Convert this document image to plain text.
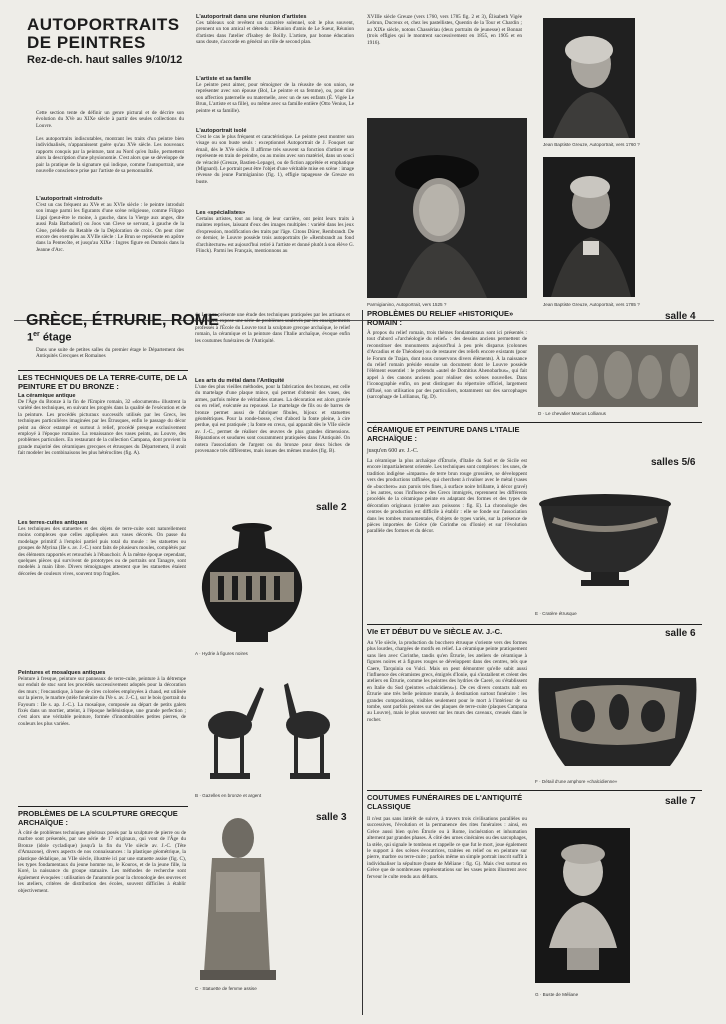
AUTOPORTRAITS
DE PEINTRES
Rez-de-ch. haut salles 9/10/12
Cette section tente de définir un genre pictural et de décrire son évolution du XVe au XIXe siècle à partir des seules collections du Louvre.
Les autoportraits indiscutables, montrant les traits d'un peintre bien individualisés, n'apparaissent guère qu'au XVe siècle. Les nouveaux rapports conquis par la peinture, tant au Nord qu'en Italie, permettent alors la description d'une physionomie. C'est alors que se développe de pair la pratique de la signature qui indique, comme l'autoportrait, une nouvelle conscience prise par l'artiste de sa personnalité.
L'autoportrait «introduit»
C'est un cas fréquent au XVe et au XVIe siècle : le peintre introduit son image parmi les figurants d'une scène religieuse, comme Filippo Lippi (peut-être le moine, à gauche, dans la Vierge aux anges, dite aussi Pala Barbadori) ou Joos van Cleve se servant, à gauche de la Cène, prédelle du Retable de la Déploration de croix. On peut citer encore des exemples au XVIIe siècle : Le Brun se représente en apôtre dans la Pentecôte, et jusqu'au XIXe : Ingres figure en Dumois dans la Jeanne d'Arc.
L'autoportrait dans une réunion d'artistes
Ces tableaux soit revêtent un caractère solennel, soit le plus souvent, prennent un ton amical et détendu : Réunion d'amis de Le Sueur, Réunion d'artistes dans l'atelier d'Isabey de Boilly. L'artiste, par bonne éducation sans doute, s'accorde en général un rôle de second plan.
L'artiste et sa famille
Le peintre peut aimer, pour témoigner de la réussite de son union, se représenter avec son épouse (Bol, Le peintre et sa femme), ou, pour dire son affection paternelle ou maternelle, avec un de ses enfants (É. Vigée Le Brun, L'artiste et sa fille), ou même avec sa famille entière (Otto Venius, Le peintre et sa famille).
L'autoportrait isolé
C'est le cas le plus fréquent et caractéristique. Le peintre peut montrer son visage ou son buste seuls : exceptionnel Autoportrait de J. Fouquet sur émail, dès le XVe siècle. Il affirme très souvent sa fonction d'artiste et se représente en train de peindre, ou au moins avec son matériel, dans un souci de véracité (Greuze, Bastien-Lepage), ou de fiction apprêtée et emphatique (Mignard). Le portrait peut être l'objet d'une véritable mise en scène : image réveuse du jeune Parmigianino (fig. 1), effigie tapageuse de Greuze en buste.
Les «spécialistes»
Certains artistes, tout au long de leur carrière, ont peint leurs traits à maintes reprises, laissant d'eux des images multiples : variété dans les jeux d'expression, modification des traits par l'âge. Citons Dürer, Rembrandt. De ce dernier, le Louvre possède trois autoportraits (le «Rembrandt au fond d'architecture» est aujourd'hui retiré à l'artiste et donné plutôt à son élève G. Flinck). Parmi les Français, mentionnons au
XVIIIe siècle Greuze (vers 1760, vers 1785 fig. 2 et 3), Élisabeth Vigée Lebrun, Ducreux et, chez les pastellistes, Quentin de la Tour et Chardin ; au XIXe siècle, notons Chassériau (deux portraits de jeunesse) et Bonnat (trois effigies qui le montrent successivement en 1855, en 1905 et en 1916).
Parmigianino, Autoportrait, vers 1525 ?
Jean Baptiste Greuze, Autoportrait, vers 1760 ?
Jean Baptiste Greuze, Autoportrait, vers 1785 ?
GRÈCE, ÉTRURIE, ROME
1er étage
Dans une suite de petites salles du premier étage le Département des Antiquités Grecques et Romaines
LES TECHNIQUES DE LA TERRE-CUITE, DE LA PEINTURE ET DU BRONZE :
La céramique antique
De l'Âge du Bronze à la fin de l'Empire romain, 32 «documents» illustrent la variété des techniques, en suivant les progrès dans la qualité de l'exécution et de la peinture. Les procédés picturaux successifs utilisés par les Grecs, les techniques particulières imaginées par les Étrusques, enfin le passage du décor peint au décor estampé et surtout à relief, procédé presque exclusivement employé à l'époque romaine. La renaissance des vases peints, au Louvre, des problèmes particuliers. En restaurant de la collection Campana, dont provient la grande majorité des céramiques grecques et étrusques du Département, il avait fait modeler les combinaisons les plus hétéroclites (fig. A).
Les terres-cuites antiques
Les techniques des statuettes et des objets de terre-cuite sont naturellement moins complexes que celles appliquées aux vases décorés. On passe du modelage primitif à l'emploi partiel puis total du moule : les statuettes ou groupes de Myrina (IIe s. av. J.-C.) sont faits de plusieurs moules, complétés par des éléments rapportés et retouchés à l'ébauchoir. À la même époque cependant, quelques pièces qui survivent de prototypes ou de portraits ont Tanagre, sont modelés à main libre. Divers témoignages attestent que les statuettes étaient décorées de couleurs vives, souvent trop fragiles.
Peintures et mosaïques antiques
Peinture à fresque, peinture sur panneaux de terre-cuite, peinture à la détrempe sur enduit de stuc sont les procédés successivement adoptés pour la décoration des murs ; l'encaustique, à base de cires colorées employées à chaud, est utilisée sur la pierre, le marbre (stèle funéraire du IVe s. av. J.-C.), sur le bois (portrait du Fayoum : IIe s. ap. J.-C.). La mosaïque, composée au départ de petits galets fixés dans un mortier, atteint, à l'époque hellénistique, une grande perfection ; c'est alors une véritable peinture, formée d'innombrables petites pierres, de couleurs les plus variées.
PROBLÈMES DE LA SCULPTURE GRECQUE ARCHAÏQUE :
À côté de problèmes techniques généraux posés par la sculpture de pierre ou de marbre sont présentés, par une série de 17 originaux, qui vont de l'Âge du Bronze (idole cycladique) jusqu'à la fin du VIe siècle av. J.-C. (Tête d'Amazone), divers aspects de nos connaissances : la plastique géométrique, la plastique dédalique, au VIIe siècle, illustrée ici par une statuette assise (fig. C), les types fondamentaux du jeune homme nu, le Kouros, et de la jeune fille, la Koré, la naissance du groupe statuaire. Les méthodes de recherche sont également évoquées : utilisation de l'anatomie pour la chronologie des œuvres et les ateliers, critères de distribution des écoles, souvent difficiles à établir objectivement.
du Louvre présente une étude des techniques pratiquées par les artisans et les artistes, expose une série de problèmes soulevés par les enseignements professés à l'École du Louvre tout la sculpture grecque archaïque, le relief romain, la céramique et la peinture dans l'Italie archaïque, évoque enfin les coutumes funéraires de l'Antiquité.
Les arts du métal dans l'Antiquité
L'une des plus vieilles méthodes, pour la fabrication des bronzes, est celle du martelage d'une plaque mince, qui permet d'obtenir des vases, des armes, parfois même de véritables statues. La décoration est alors gravée ou en relief, exécutée au repoussé. Le martelage de fils ou de barres de bronze permet aussi de fabriquer fibules, bijoux et statuettes géométriques. Pour la ronde-bosse, c'est d'abord la fonte pleine, à cire perdue, qui est pratiquée ; la fonte en creux, qui apparaît dès le VIIe siècle av. J.-C., permet de réaliser des œuvres de plus grandes dimensions. Réparations et soudures sont couramment pratiquées dans l'Antiquité. On notera l'association de l'argent ou du bronze pour deux biches de provenance très différentes, mais issues des mêmes moules (fig. B).
salle 2
A · Hydrie à figures noires
B · Gazelles en bronze et argent
salle 3
C · Statuette de femme assise
PROBLÈMES DU RELIEF «HISTORIQUE» ROMAIN :
salle 4
À propos du relief romain, trois thèmes fondamentaux sont ici présentés : tout d'abord «l'archéologie du relief» : des dessins anciens permettent de reconstituer des monuments aujourd'hui à peu près disparus (colonnes d'Arcadius et de Théodose) ou de restaurer des reliefs encore existants (pour le Forum de Trajan, dont nous conservons divers éléments). À la naissance du relief romain préside ensuite un document dont le Louvre possède l'élément essentiel : le prétendu «autel de Domitius Ahenobarbus», qui fait appel à des canons anciens pour réaliser des scènes nouvelles. Dans l'iconographie enfin, on peut distinguer du répertoire officiel, largement diffusé, son utilisation par des particuliers, notamment sur des sarcophages (sarcophage de Lollianus, fig. D).
D · Le chevalier Marcus Lollianus
CÉRAMIQUE ET PEINTURE DANS L'ITALIE ARCHAÏQUE :
jusqu'en 600 av. J.-C.
salles 5/6
La céramique la plus archaïque d'Étrurie, d'Italie du Sud et de Sicile est encore impartialement orientée. Les techniques sont complexes : les unes, de tradition indigène «impasto» de terre brun rouge grossière, se développent vers des productions raffinées, qui cherchent à rivaliser avec le métal (vases de «bucchero» aux parois très fines, à surface noire brillante, à décor gravé) ; les autres, sous l'influence des Grecs immigrés, reprennent les différents procédés de la céramique peinte en adaptant des formes et des types de décoration originaux (cratère aux poissons : fig. E). La chronologie des centres de production est difficile à établir : elle se fonde sur l'association dans les tombes monumentales, d'objets de types variés, sur la présence de pièces importées de Grèce (de Corinthe ou d'Ionie) et sur l'évolution parallèle des formes et du décor.
E · Cratère étrusque
VIe ET DÉBUT DU Ve SIÈCLE AV. J.-C.	salle 6
Au VIe siècle, la production du bucchero étrusque s'oriente vers des formes plus lourdes, chargées de motifs en relief. La céramique peinte pratiquement sans lien avec Corinthe, tandis qu'en Étrurie, les ateliers de céramique à figures noires et à figures rouges se développent dans des centres, tels que Caere, Tarquinia ou Vulci. Mais on peut démontrer qu'elle subit aussi l'influence des céramistes grecs, émigrés d'Ionie, qui s'installent et créent des ateliers en Étrurie, comme les peintres des hydries de Caeré, ou s'établissent en Italie du Sud (peintres «chalcidiens»). De ces divers contacts naît en Étrurie une très belle peinture murale, à destination surtout funéraire : les grandes compositions, visibles seulement pour le mort à l'intérieur de sa tombe, sont parfois peintes sur des plaques de terre-cuite (plaques Campana au Louvre), mais le plus souvent sur les murs des caveaux, creusés dans le rocher.
F · Détail d'une amphore «chalcidienne»
COUTUMES FUNÉRAIRES DE L'ANTIQUITÉ CLASSIQUE	salle 7
Il n'est pas sans intérêt de suivre, à travers trois civilisations parallèles ou successives, l'évolution et la permanence des rites funéraires : ainsi, en Grèce aussi bien qu'en Étrurie ou à Rome, incinération et inhumation alternent par grandes phases. À côté des urnes cinéraires ou des sarcophages, la stèle, qui signale le tombeau et rappelle ce que fut le mort, joue également le support à des scènes évocatrices, traitées en relief ou en peinture sur pierre, marbre ou terre-cuite ; parfois même un simple portrait inscrit suffit à individualiser la sépulture (buste de Méliane : fig. G). Mais c'est surtout en Grèce que de nombreuses représentations sur les vases peints illustrent avec ferveur le culte rendu aux défunts.
G · Buste de Méliane
